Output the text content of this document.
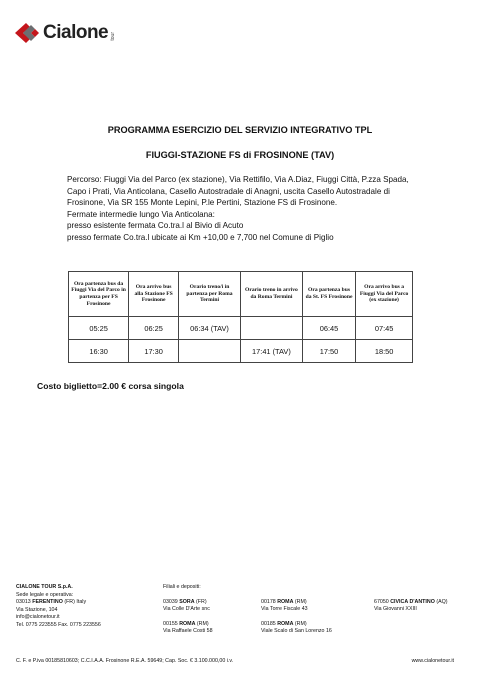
Cialone tour
PROGRAMMA ESERCIZIO DEL SERVIZIO INTEGRATIVO TPL
FIUGGI-STAZIONE FS di FROSINONE (TAV)

Percorso: Fiuggi Via del Parco (ex stazione), Via Rettifilo, Via A.Diaz, Fiuggi Città, P.zza Spada, Capo i Prati, Via Anticolana, Casello Autostradale di Anagni, uscita Casello Autostradale di Frosinone, Via SR 155 Monte Lepini, P.le Pertini, Stazione FS di Frosinone.

Fermate intermedie lungo Via Anticolana:

presso esistente fermata Co.tra.l al Bivio di Acuto

presso fermate Co.tra.l ubicate ai Km +10,00 e 7,700 nel Comune di Piglio

Ora partenza bus da Fiuggi Via del Parco in partenza per FS Frosinone	Ora arrivo bus alla Stazione FS Frosinone	Orario treno/i in partenza per Roma Termini	Orario treno in arrivo da Roma Termini	Ora partenza bus da St. FS Frosinone	Ora arrivo bus a Fiuggi Via del Parco (ex stazione)
05:25	06:25	06:34 (TAV)		06:45	07:45
16:30	17:30		17:41 (TAV)	17:50	18:50
Costo biglietto=2.00 € corsa singola
CIALONE TOUR S.p.A.
Sede legale e operativa:
03013 FERENTINO (FR) Italy
Via Stazione, 104
info@cialonetour.it
Tel. 0775 223555 Fax. 0775 223556
Filiali e depositi:
03039 SORA (FR)
Via Colle D'Arte snc
00178 ROMA (RM)
Via Torre Fiscale 43
67050 CIVICA D'ANTINO (AQ)
Via Giovanni XXIII
00155 ROMA (RM)
Via Raffaele Costi 58
00185 ROMA (RM)
Viale Scalo di San Lorenzo 16
C. F. e P.iva 00185810603; C.C.I.A.A. Frosinone R.E.A. 59649; Cap. Soc. € 3.100.000,00 i.v.	www.cialonetour.it
